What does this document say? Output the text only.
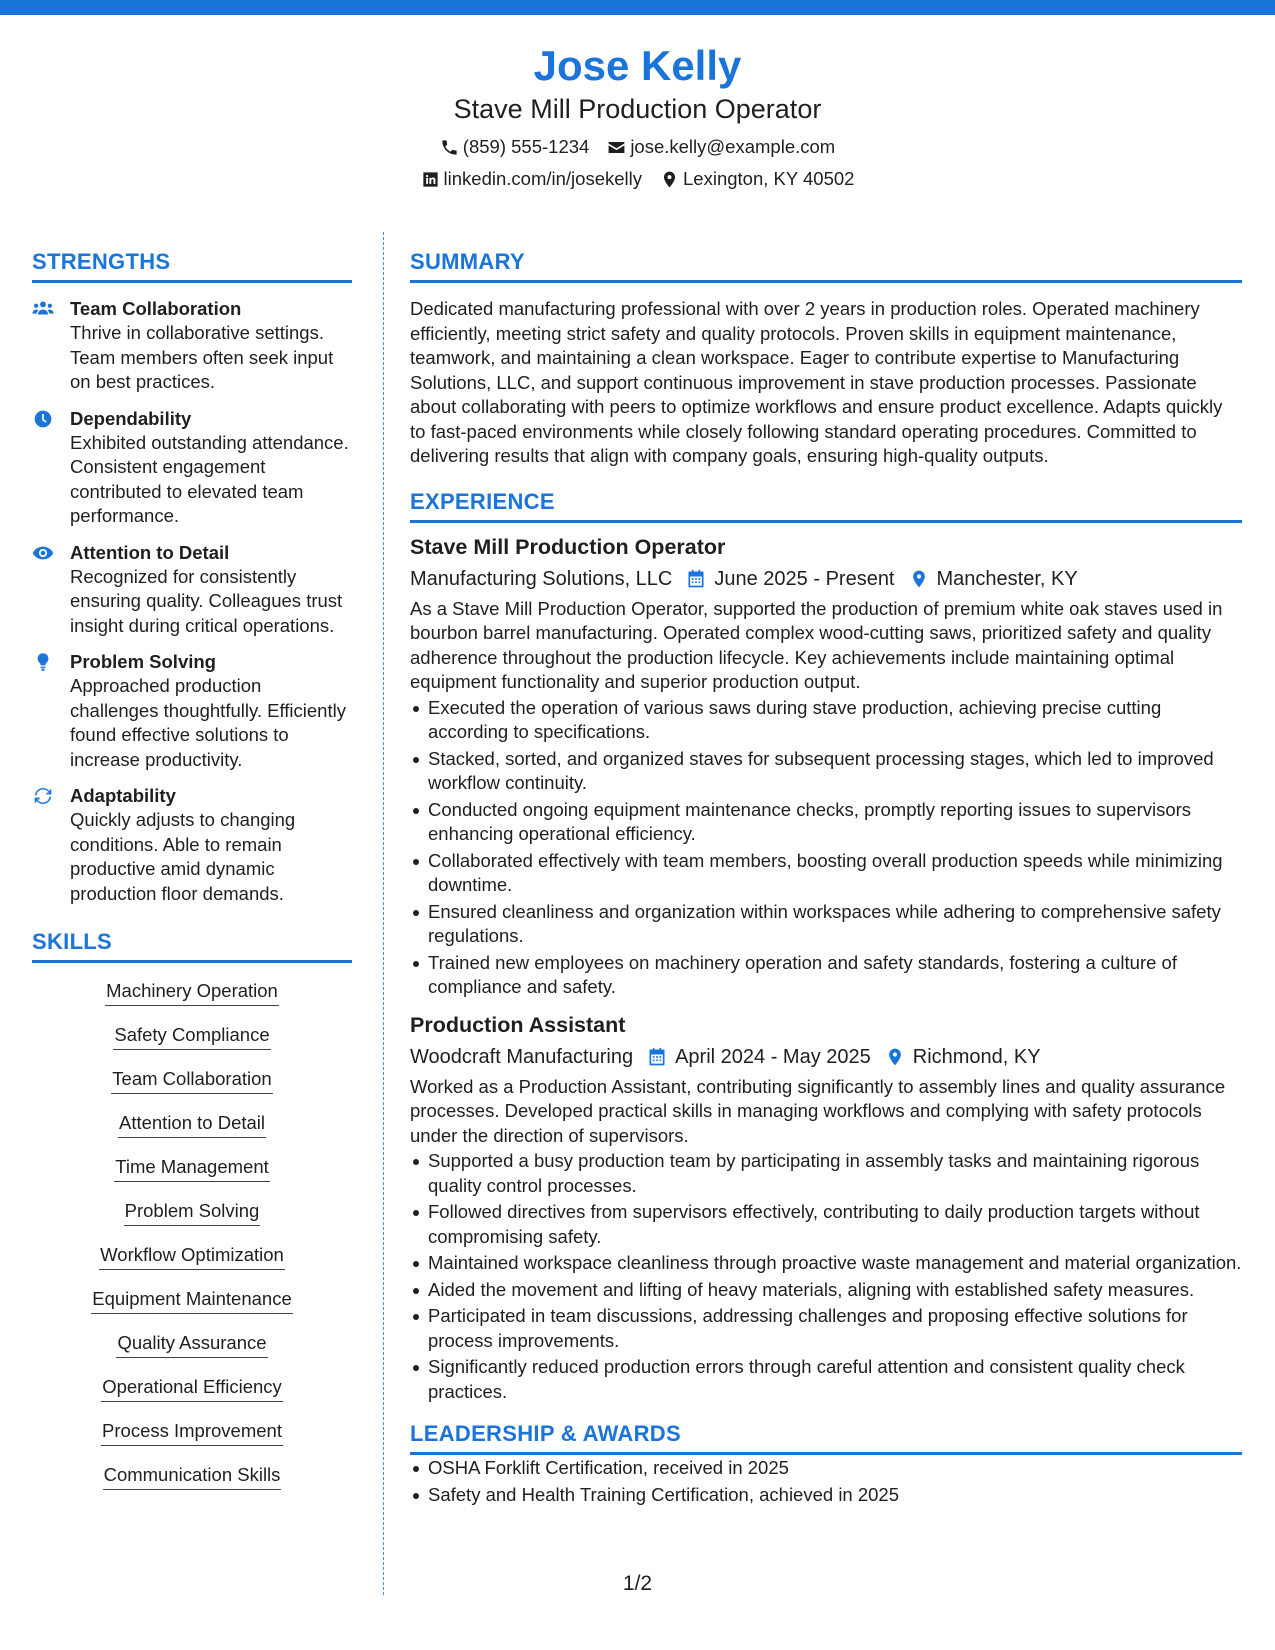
Jose Kelly
Stave Mill Production Operator
(859) 555-1234 jose.kelly@example.com
linkedin.com/in/josekelly Lexington, KY 40502
STRENGTHS
Team Collaboration
Thrive in collaborative settings. Team members often seek input on best practices.
Dependability
Exhibited outstanding attendance. Consistent engagement contributed to elevated team performance.
Attention to Detail
Recognized for consistently ensuring quality. Colleagues trust insight during critical operations.
Problem Solving
Approached production challenges thoughtfully. Efficiently found effective solutions to increase productivity.
Adaptability
Quickly adjusts to changing conditions. Able to remain productive amid dynamic production floor demands.
SKILLS
Machinery Operation
Safety Compliance
Team Collaboration
Attention to Detail
Time Management
Problem Solving
Workflow Optimization
Equipment Maintenance
Quality Assurance
Operational Efficiency
Process Improvement
Communication Skills
SUMMARY
Dedicated manufacturing professional with over 2 years in production roles. Operated machinery efficiently, meeting strict safety and quality protocols. Proven skills in equipment maintenance, teamwork, and maintaining a clean workspace. Eager to contribute expertise to Manufacturing Solutions, LLC, and support continuous improvement in stave production processes. Passionate about collaborating with peers to optimize workflows and ensure product excellence. Adapts quickly to fast-paced environments while closely following standard operating procedures. Committed to delivering results that align with company goals, ensuring high-quality outputs.
EXPERIENCE
Stave Mill Production Operator
Manufacturing Solutions, LLC June 2025 - Present Manchester, KY
As a Stave Mill Production Operator, supported the production of premium white oak staves used in bourbon barrel manufacturing. Operated complex wood-cutting saws, prioritized safety and quality adherence throughout the production lifecycle. Key achievements include maintaining optimal equipment functionality and superior production output.
Executed the operation of various saws during stave production, achieving precise cutting according to specifications.
Stacked, sorted, and organized staves for subsequent processing stages, which led to improved workflow continuity.
Conducted ongoing equipment maintenance checks, promptly reporting issues to supervisors enhancing operational efficiency.
Collaborated effectively with team members, boosting overall production speeds while minimizing downtime.
Ensured cleanliness and organization within workspaces while adhering to comprehensive safety regulations.
Trained new employees on machinery operation and safety standards, fostering a culture of compliance and safety.
Production Assistant
Woodcraft Manufacturing April 2024 - May 2025 Richmond, KY
Worked as a Production Assistant, contributing significantly to assembly lines and quality assurance processes. Developed practical skills in managing workflows and complying with safety protocols under the direction of supervisors.
Supported a busy production team by participating in assembly tasks and maintaining rigorous quality control processes.
Followed directives from supervisors effectively, contributing to daily production targets without compromising safety.
Maintained workspace cleanliness through proactive waste management and material organization.
Aided the movement and lifting of heavy materials, aligning with established safety measures.
Participated in team discussions, addressing challenges and proposing effective solutions for process improvements.
Significantly reduced production errors through careful attention and consistent quality check practices.
LEADERSHIP & AWARDS
OSHA Forklift Certification, received in 2025
Safety and Health Training Certification, achieved in 2025
1/2
